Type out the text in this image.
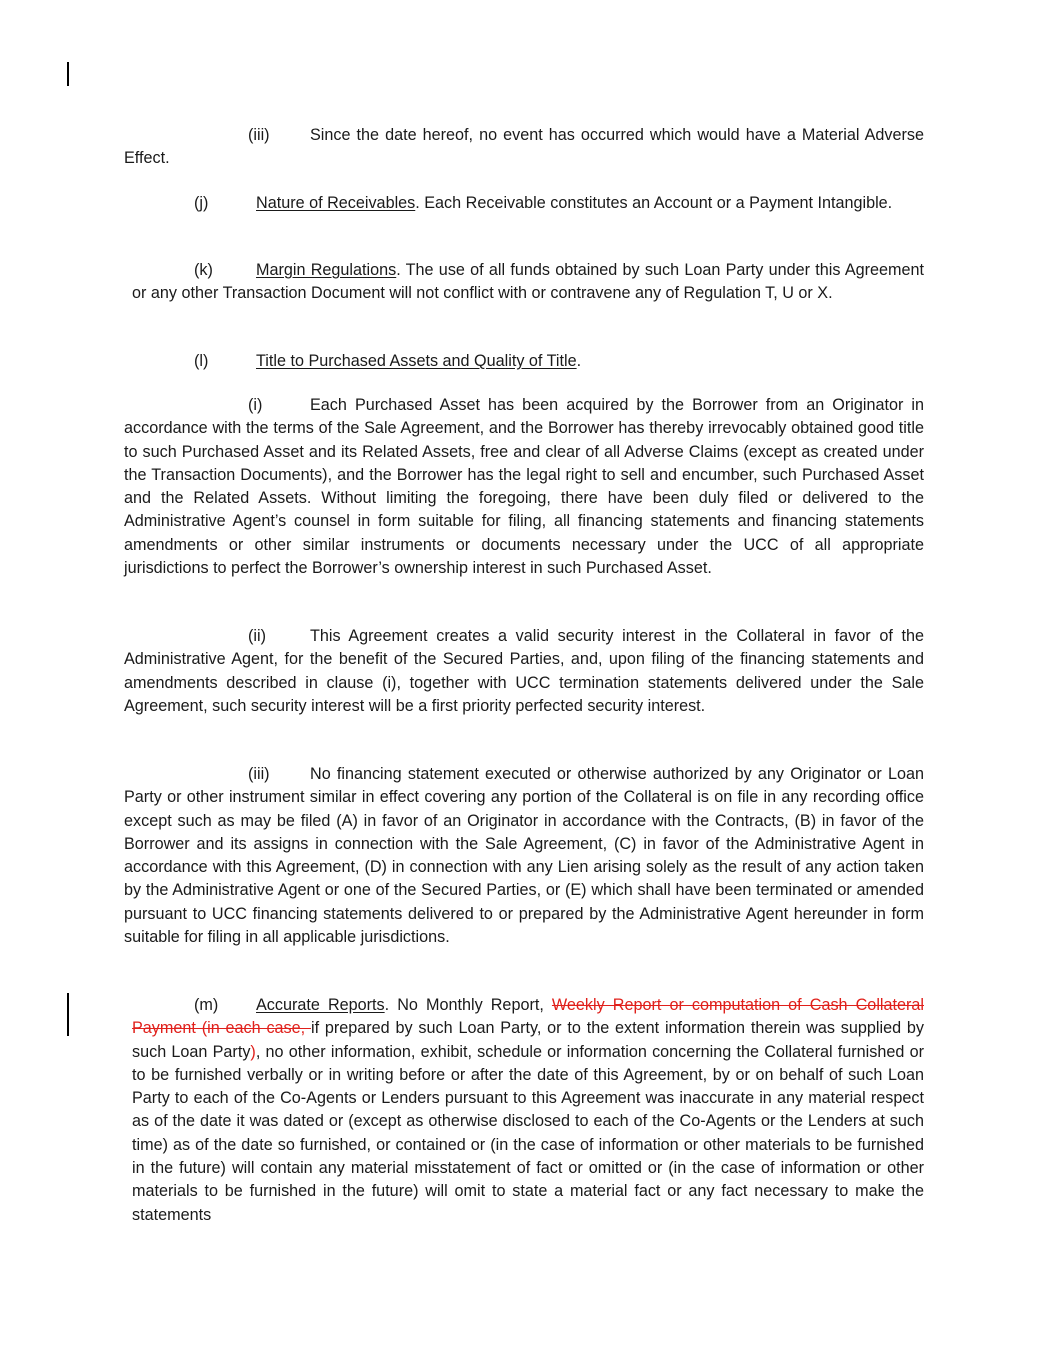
(iii) Since the date hereof, no event has occurred which would have a Material Adverse Effect.

(j)	Nature of Receivables. Each Receivable constitutes an Account or a Payment Intangible.

(k)	Margin Regulations. The use of all funds obtained by such Loan Party under this Agreement or any other Transaction Document will not conflict with or contravene any of Regulation T, U or X.

(l)	Title to Purchased Assets and Quality of Title.

(i)	Each Purchased Asset has been acquired by the Borrower from an Originator in accordance with the terms of the Sale Agreement, and the Borrower has thereby irrevocably obtained good title to such Purchased Asset and its Related Assets, free and clear of all Adverse Claims (except as created under the Transaction Documents), and the Borrower has the legal right to sell and encumber, such Purchased Asset and the Related Assets. Without limiting the foregoing, there have been duly filed or delivered to the Administrative Agent’s counsel in form suitable for filing, all financing statements and financing statements amendments or other similar instruments or documents necessary under the UCC of all appropriate jurisdictions to perfect the Borrower’s ownership interest in such Purchased Asset.

(ii)	This Agreement creates a valid security interest in the Collateral in favor of the Administrative Agent, for the benefit of the Secured Parties, and, upon filing of the financing statements and amendments described in clause (i), together with UCC termination statements delivered under the Sale Agreement, such security interest will be a first priority perfected security interest.

(iii) No financing statement executed or otherwise authorized by any Originator or Loan Party or other instrument similar in effect covering any portion of the Collateral is on file in any recording office except such as may be filed (A) in favor of an Originator in accordance with the Contracts, (B) in favor of the Borrower and its assigns in connection with the Sale Agreement, (C) in favor of the Administrative Agent in accordance with this Agreement, (D) in connection with any Lien arising solely as the result of any action taken by the Administrative Agent or one of the Secured Parties, or (E) which shall have been terminated or amended pursuant to UCC financing statements delivered to or prepared by the Administrative Agent hereunder in form suitable for filing in all applicable jurisdictions.

(m) Accurate Reports. No Monthly Report, Weekly Report or computation of Cash Collateral Payment (in each case, if prepared by such Loan Party, or to the extent information therein was supplied by such Loan Party), no other information, exhibit, schedule or information concerning the Collateral furnished or to be furnished verbally or in writing before or after the date of this Agreement, by or on behalf of such Loan Party to each of the Co-Agents or Lenders pursuant to this Agreement was inaccurate in any material respect as of the date it was dated or (except as otherwise disclosed to each of the Co-Agents or the Lenders at such time) as of the date so furnished, or contained or (in the case of information or other materials to be furnished in the future) will contain any material misstatement of fact or omitted or (in the case of information or other materials to be furnished in the future) will omit to state a material fact or any fact necessary to make the statements
